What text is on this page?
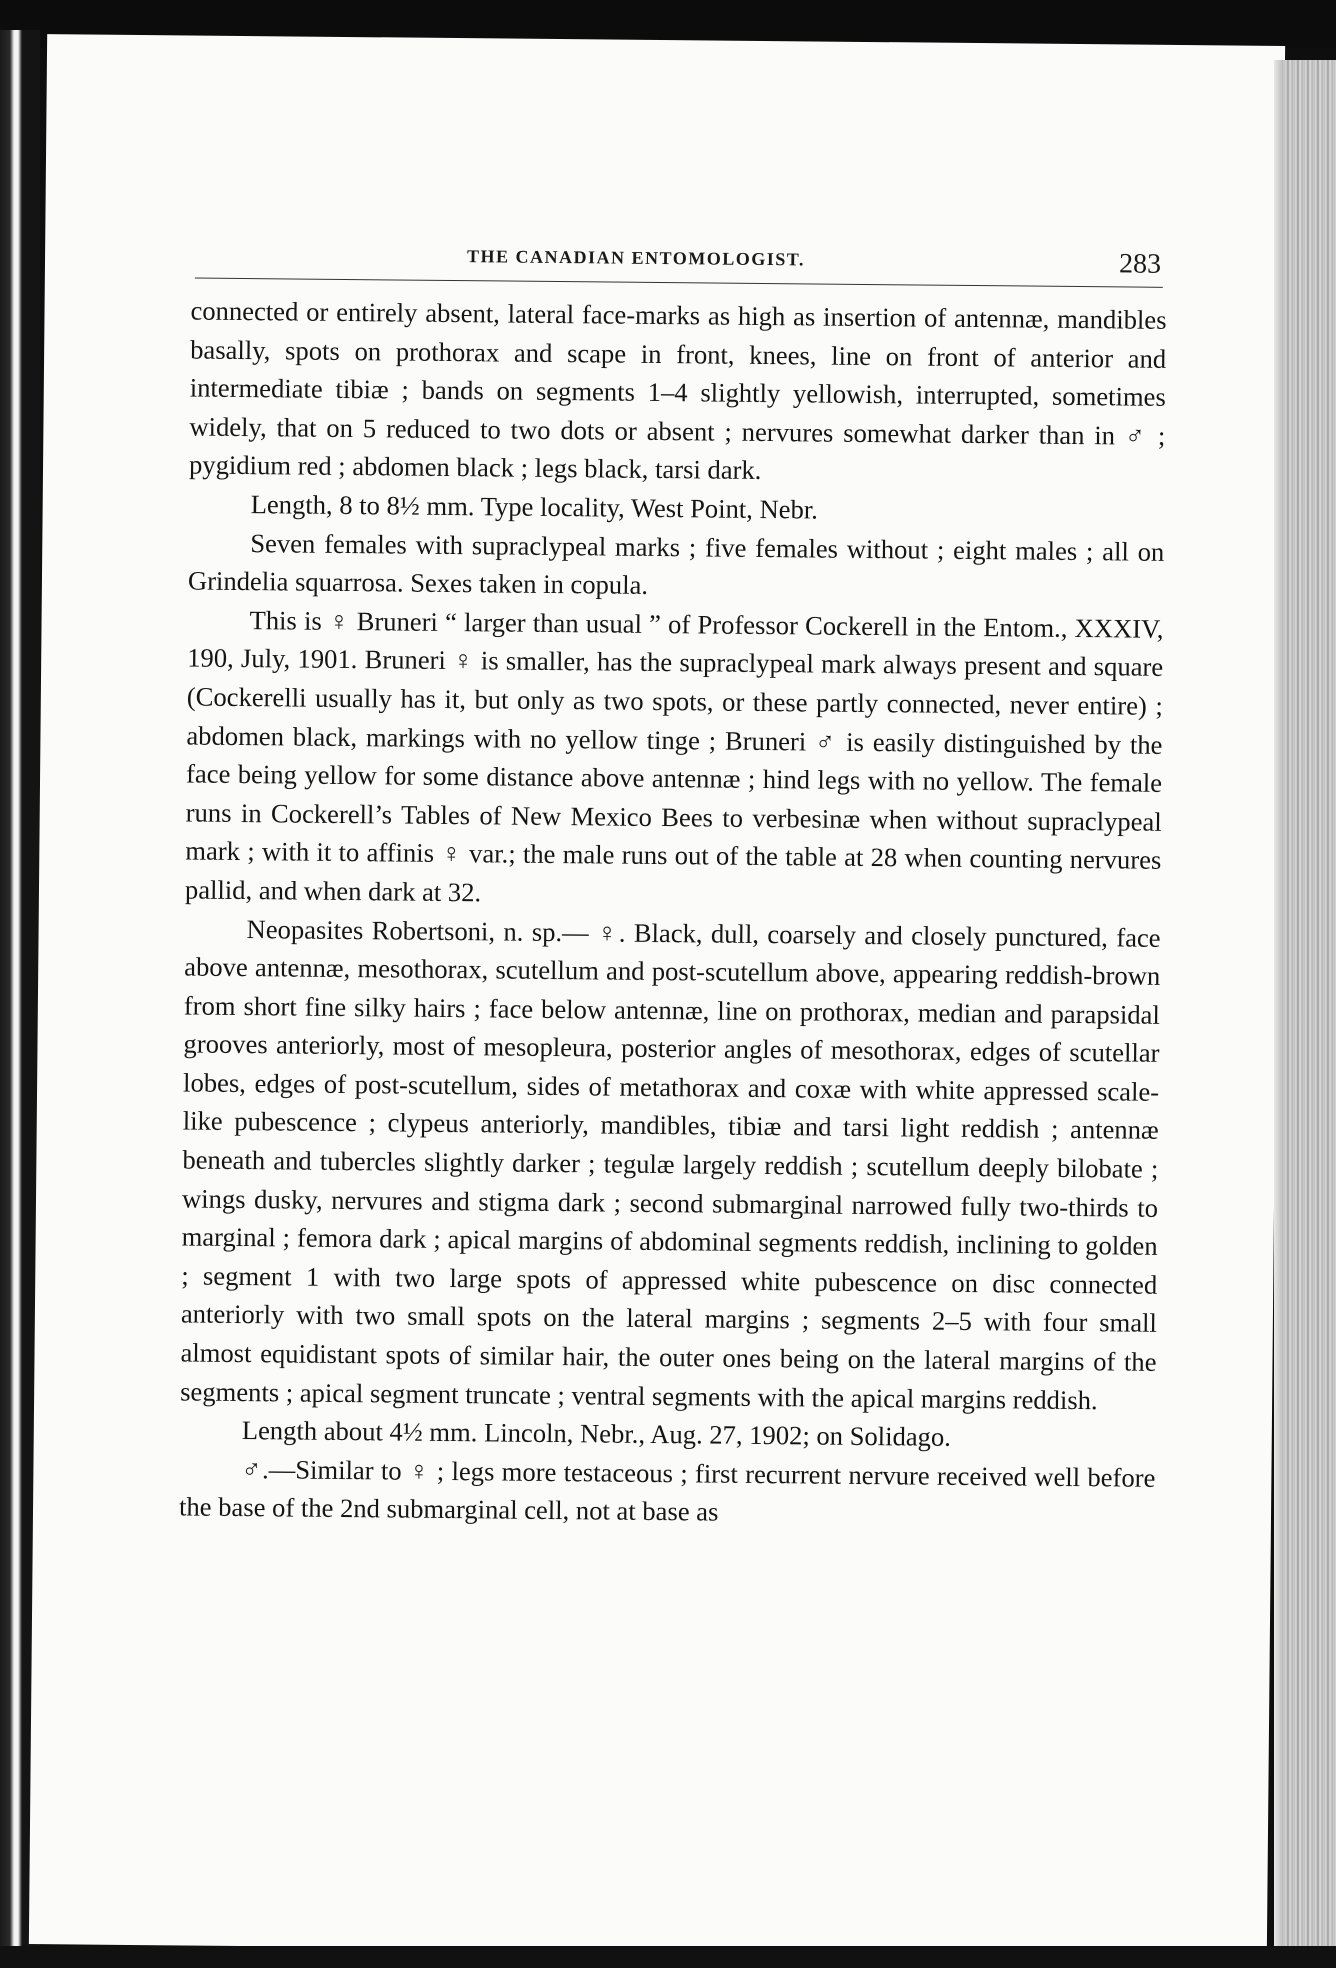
THE CANADIAN ENTOMOLOGIST.	283

connected or entirely absent, lateral face-marks as high as insertion of antennæ, mandibles basally, spots on prothorax and scape in front, knees, line on front of anterior and intermediate tibiæ ; bands on segments 1–4 slightly yellowish, interrupted, sometimes widely, that on 5 reduced to two dots or absent ; nervures somewhat darker than in ♂ ; pygidium red ; abdomen black ; legs black, tarsi dark.

Length, 8 to 8½ mm. Type locality, West Point, Nebr.

Seven females with supraclypeal marks ; five females without ; eight males ; all on Grindelia squarrosa. Sexes taken in copula.

This is ♀ Bruneri “ larger than usual ” of Professor Cockerell in the Entom., XXXIV, 190, July, 1901. Bruneri ♀ is smaller, has the supraclypeal mark always present and square (Cockerelli usually has it, but only as two spots, or these partly connected, never entire) ; abdomen black, markings with no yellow tinge ; Bruneri ♂ is easily distinguished by the face being yellow for some distance above antennæ ; hind legs with no yellow. The female runs in Cockerell’s Tables of New Mexico Bees to verbesinæ when without supraclypeal mark ; with it to affinis ♀ var.; the male runs out of the table at 28 when counting nervures pallid, and when dark at 32.

Neopasites Robertsoni, n. sp.— ♀. Black, dull, coarsely and closely punctured, face above antennæ, mesothorax, scutellum and post-scutellum above, appearing reddish-brown from short fine silky hairs ; face below antennæ, line on prothorax, median and parapsidal grooves anteriorly, most of mesopleura, posterior angles of mesothorax, edges of scutellar lobes, edges of post-scutellum, sides of metathorax and coxæ with white appressed scale-like pubescence ; clypeus anteriorly, mandibles, tibiæ and tarsi light reddish ; antennæ beneath and tubercles slightly darker ; tegulæ largely reddish ; scutellum deeply bilobate ; wings dusky, nervures and stigma dark ; second submarginal narrowed fully two-thirds to marginal ; femora dark ; apical margins of abdominal segments reddish, inclining to golden ; segment 1 with two large spots of appressed white pubescence on disc connected anteriorly with two small spots on the lateral margins ; segments 2–5 with four small almost equidistant spots of similar hair, the outer ones being on the lateral margins of the segments ; apical segment truncate ; ventral segments with the apical margins reddish.

Length about 4½ mm. Lincoln, Nebr., Aug. 27, 1902; on Solidago.

♂.—Similar to ♀ ; legs more testaceous ; first recurrent nervure received well before the base of the 2nd submarginal cell, not at base as
